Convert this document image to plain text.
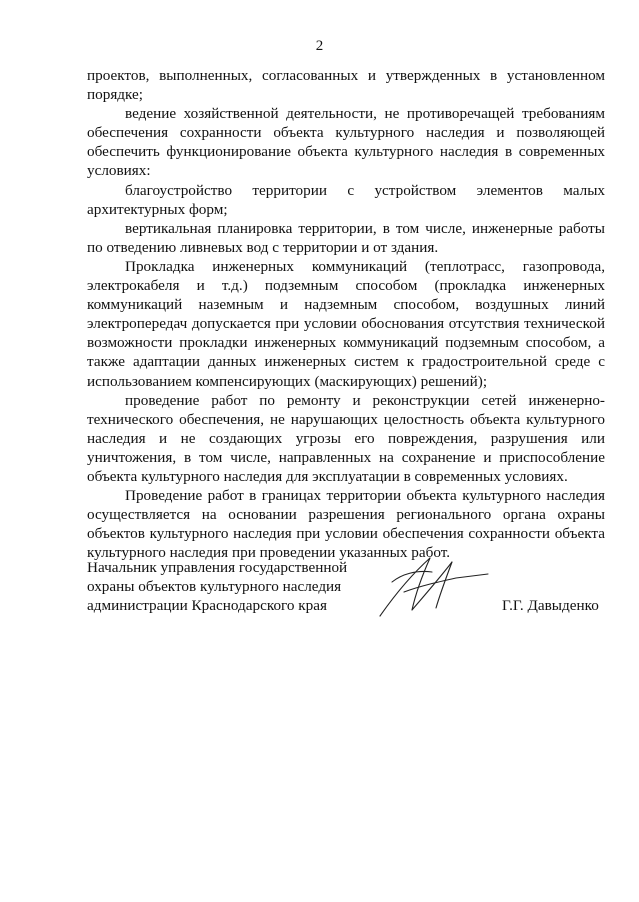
2

проектов, выполненных, согласованных и утвержденных в установленном порядке;

ведение хозяйственной деятельности, не противоречащей требованиям обеспечения сохранности объекта культурного наследия и позволяющей обеспечить функционирование объекта культурного наследия в современных условиях:

благоустройство территории с устройством элементов малых архитектурных форм;

вертикальная планировка территории, в том числе, инженерные работы по отведению ливневых вод с территории и от здания.

Прокладка инженерных коммуникаций (теплотрасс, газопровода, электрокабеля и т.д.) подземным способом (прокладка инженерных коммуникаций наземным и надземным способом, воздушных линий электропередач допускается при условии обоснования отсутствия технической возможности прокладки инженерных коммуникаций подземным способом, а также адаптации данных инженерных систем к градостроительной среде с использованием компенсирующих (маскирующих) решений);

проведение работ по ремонту и реконструкции сетей инженерно-технического обеспечения, не нарушающих целостность объекта культурного наследия и не создающих угрозы его повреждения, разрушения или уничтожения, в том числе, направленных на сохранение и приспособление объекта культурного наследия для эксплуатации в современных условиях.

Проведение работ в границах территории объекта культурного наследия осуществляется на основании разрешения регионального органа охраны объектов культурного наследия при условии обеспечения сохранности объекта культурного наследия при проведении указанных работ.

Начальник управления государственной
охраны объектов культурного наследия
администрации Краснодарского края	Г.Г. Давыденко
